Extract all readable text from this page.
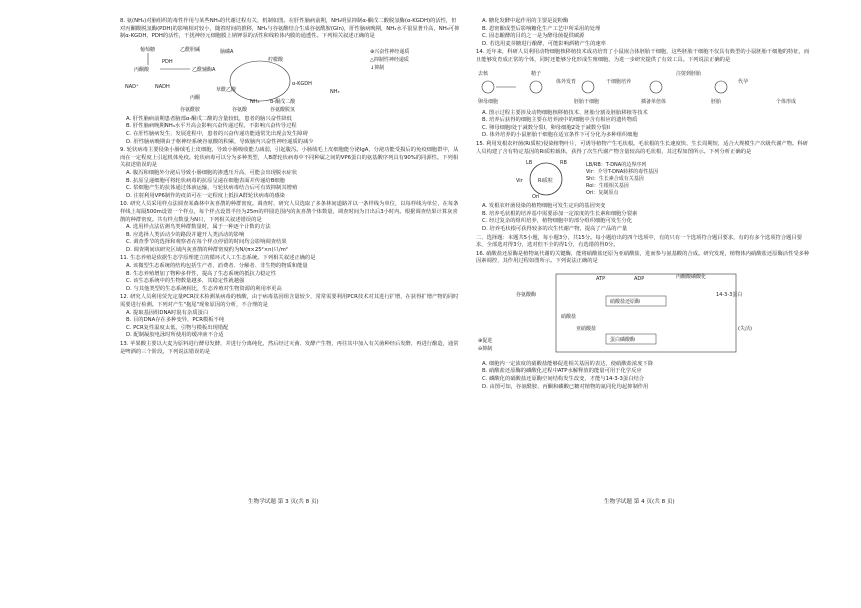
8. 氨(NH₃)对脑组织的毒性作用与某些NH₃的代谢过程有关，机制如图。在肝性脑病前期，NH₃明显抑制α-酮戊二酸脱氢酶(α-KGDH)的活性，但对丙酮酸脱氢酶(PDH)的影响相对较小，随着时间的推移，NH₃与谷氨酸结合生成谷氨酰胺(Gln)，肝性脑病晚期，NH₃水平很显著升高，NH₃可抑制α-KGDH、PDH的活性，干扰神经元细胞膜上钠钾泵的活性和线粒体内膜的通透性。下列相关叙述正确的是

葡萄糖
丙酮酸
NAD⁺	NADH
PDH
乙酰辅酶A
脑磷A
草酰乙酸
柠檬酸
α-酮戊二酸
α-KGDH
NH₃
谷氨酸
谷氨酰胺
乙酰胆碱
丙酮
NH₃
谷氨酸脱氢
⊕兴奋性神经递质
△抑制性神经递质
↓抑制

A. 肝性脑病前期患者脑部α-酮戊二酸的含量较低，患者的脑兴奋性降低

B. 肝性脑病晚期NH₃水平升高会影响兴奋传递过程，不影响兴奋传导过程

C. 在肝性脑病发生、发展进程中，患者的兴奋传递功能通常先出现会发生障碍

D. 肝性脑病晚期由于枢神经系统谷氨酸的积累，导致脑内兴奋性神经递质的减少

9. 轮状病毒主要侵染小肠绒毛上皮细胞，导致小肠吸收能力减弱，引起腹泻。小肠绒毛上皮细胞能分泌IgA，分泌功能受损后的免疫细胞群中，从而在一定程度上引起机体免疫。轮状病毒可以分为多种类型，人B群轮状病毒中不同种属之间的VP6蛋白的氨基酸序列具有90%的同源性。下列相关叙述错误的是

A. 腹泻和细胞外分泌后导致小肠细胞的渗透压升高，可能会出现脱水症状

B. 抗原呈递细胞可将轮状病毒的抗原呈递在细胞表面并传递给B细胞

C. 浆细胞产生的抗体通过体液运输，与轮状病毒结合后可有效抑制其增殖

D. 注射利用VP6制作的疫苗可在一定程度上抵抗A群轮状病毒的感染

10. 研究人员采用样点法调查某森林中灰喜鹊的种群密度。调查时，研究人员选取了多条林间道路并以一条样线为单位，以每样线为单位，在每条样线上每隔500m设置一个样点，每个样点设置半径为25m的样圆范围内的灰喜鹊个体数量，调查时间为日出后3小时内。根据调查结果计算灰喜鹊的种群密度。共有样点数量为N只，下列相关叙述错误的是

A. 选用样点法估测鸟类种群数量时，属于一种逐个计数的方法

B. 应选择人类活动少的路段并避开人类活动的影响

C. 调查季节的选择和观察者在每个样点停留的时间均会影响调查结果

D. 调查期间该研究区域内灰喜鹊的种群密度约为N/(π×25²×n)只/m²

11. 生态养殖是依据生态学原理建立的循环式人工生态系统。下列相关叙述正确的是

A. 该微型生态系统的结构包括生产者、消费者、分解者、非生物的物质和能量

B. 生态养殖增加了物种多样性，提高了生态系统的抵抗力稳定性

C. 该生态系统中的生物数量越多，其稳定性就越强

D. 与其他类型的生态系统相比，生态养殖对生物资源的利用率更高

12. 研究人员利用荧光定量PCR技术检测某病毒的核酸，由于病毒基因组含量较少，常常需要利用PCR技术对其进行扩增，在获得扩增产物的同时需要进行检测。下列对产生"拖尾"现象原因的分析，不合理的是

A. 提取基因组DNA时混有杂质蛋白

B. 目的DNA存在多种变异，PCR模板不纯

C. PCR复性温度太低，引物与模板出现错配

D. 配制凝胶电泳时所使用的缓冲液不合适

13. 苹果酸主要以大麦为原料进行酵母发酵，并进行分离纯化，然后经过灭菌、发酵产生物，再往其中加入有关菌种经后发酵，再进行酿造，通常是啤酒的三个阶段。下列说法错误的是

生物学试题 第 3 页(共 8 页)

A. 糖化发酵中起作用的主要是淀粉酶

B. 恩密酿成型后影响糖化生产工艺中所采用的处理

C. 固态酿酵的目的之一是为酵母菌提供碳源

D. 若选用麦芽糖进行酿酵，可能影响酒精产生的速率

14. 近年来，科研人员利用动物细胞核移植技术成功培育了小鼠嵌合体胚胎干细胞，这些胚胎干细胞不仅具有典型的小鼠胚胎干细胞的特征，而且能够发育成正常的个体，同时还能够分化形成生殖细胞，为进一步研究提供了有效工具。下列说法正确的是

去核	精子
卵母细胞
体外发育
胚胎干细胞
干细胞培养
插备单倍体
注射到胚胎
胚胎
代孕
个体形成

A. 图示过程主要涉及动物细胞核移植技术、胚胎分割及胚胎移植等技术

B. 培养后获得的细胞主要在培养液中的细胞中含有相应的遗传物质

C. 卵母细胞I处于减数分裂I，卵母细胞2处于减数分裂II

D. 体外培养的小鼠胚胎干细胞在适宜条件下可分化为多种组织细胞

15. 利用发根农杆菌(Ri质粒)侵染植物叶片，可诱导植物产生毛状根。毛状根的生长速度快、生长周期短，适合大规模生产次级代谢产物。科研人员构建了含有特定基因的Ri质粒载体，获得了次生代谢产物含量较高的毛状根，其过程如图所示。下列分析正确的是

LB	RB
Vir	Ri质粒
Ori
LB/RB：T-DNA的边界序列
Vir：介导T-DNA转移的毒性基因
Shi：生长素合成有关基因
Roi：生根相关基因
Ori：复制原点

A. 发根农杆菌侵染的植物细胞可发生定向的基因突变

B. 培养毛状根的培养基中需要添加一定浓度的生长素和细胞分裂素

C. 经过复杂的组织培养，植物细胞中的部分组织细胞可发生分化

D. 培养毛状根可获得较多的次生代谢产物，提高了产品的产量

二、选择题：本题共5小题，每小题3分，共15分。每小题给出的四个选项中，有的只有一个选项符合题目要求，有的有多个选项符合题目要求，全部选对得3分，选对但不全的得1分，有选错的得0分。

16. 硝酸盐还原酶是植物氮代谢的关键酶，能将硝酸盐还原为亚硝酸盐，进而参与氨基酸的合成。研究发现，植物体内硝酸盐还原酶活性受多种因素调控，其作用过程如图所示。下列说法正确的是

ATP	ADP	丙酮酸磷酸化
谷氨酸酶	14-3-3蛋白
硝酸盐还原酶
硝酸盐
亚硝酸盐
蛋白磷酸酶
(失活)
⊕促进
⊖抑制

A. 细胞内一定浓度的硝酸盐能够促进相关基因的表达，使硝酸盐浓度下降

B. 硝酸盐还原酶的磷酸化过程中ATP水解释放的能量可用于化学反应

C. 磷酸化的硝酸盐还原酶空间结构发生改变，才能与14-3-3蛋白结合

D. 由图可知，谷氨酰胺、丙酮和磷酸已糖对植物的氮同化均起抑制作用

生物学试题 第 4 页(共 8 页)
